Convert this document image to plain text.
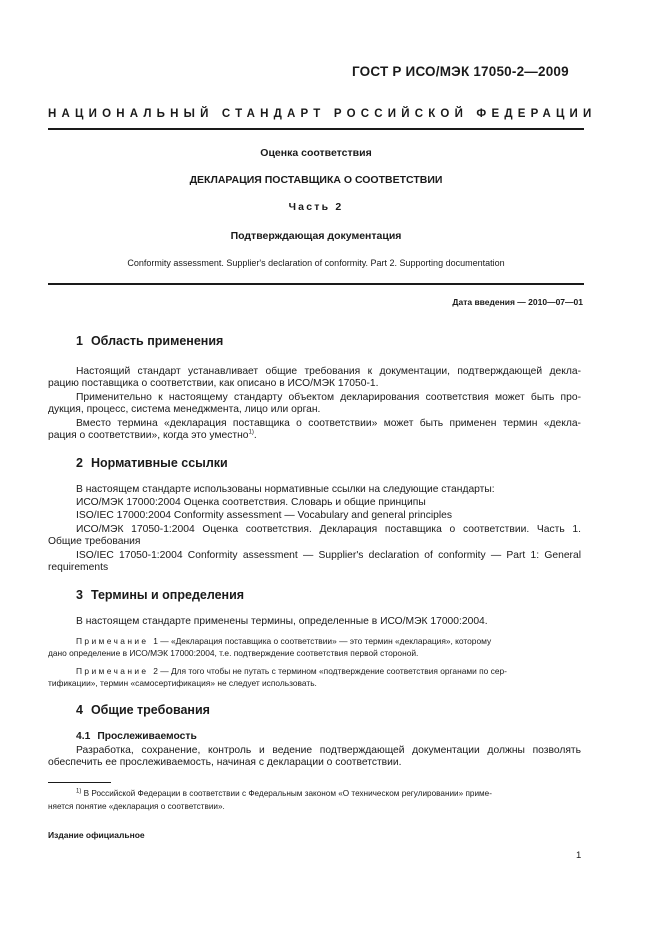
ГОСТ Р ИСО/МЭК 17050-2—2009
НАЦИОНАЛЬНЫЙ СТАНДАРТ РОССИЙСКОЙ ФЕДЕРАЦИИ
Оценка соответствия
ДЕКЛАРАЦИЯ ПОСТАВЩИКА О СООТВЕТСТВИИ
Часть 2
Подтверждающая документация
Conformity assessment. Supplier's declaration of conformity. Part 2. Supporting documentation
Дата введения — 2010—07—01
1 Область применения
Настоящий стандарт устанавливает общие требования к документации, подтверждающей декла-
рацию поставщика о соответствии, как описано в ИСО/МЭК 17050-1.
Применительно к настоящему стандарту объектом декларирования соответствия может быть про-
дукция, процесс, система менеджмента, лицо или орган.
Вместо термина «декларация поставщика о соответствии» может быть применен термин «декла-
рация о соответствии», когда это уместно$^{1)}$.
2 Нормативные ссылки
В настоящем стандарте использованы нормативные ссылки на следующие стандарты:
ИСО/МЭК 17000:2004 Оценка соответствия. Словарь и общие принципы
ISO/IEC 17000:2004 Conformity assessment — Vocabulary and general principles
ИСО/МЭК 17050-1:2004 Оценка соответствия. Декларация поставщика о соответствии. Часть 1.
Общие требования
ISO/IEC 17050-1:2004 Conformity assessment — Supplier's declaration of conformity — Part 1: General
requirements
3 Термины и определения
В настоящем стандарте применены термины, определенные в ИСО/МЭК 17000:2004.
Примечание 1— «Декларация поставщика о соответствии» — это термин «декларация», которому
дано определение в ИСО/МЭК 17000:2004, т.е. подтверждение соответствия первой стороной.
Примечание 2— Для того чтобы не путать с термином «подтверждение соответствия органами по сер-
тификации», термин «самосертификация» не следует использовать.
4 Общие требования
4.1 Прослеживаемость
Разработка, сохранение, контроль и ведение подтверждающей документации должны позволять
обеспечить ее прослеживаемость, начиная с декларации о соответствии.
$^{1)}$ В Российской Федерации в соответствии с Федеральным законом «О техническом регулировании» приме-
няется понятие «декларация о соответствии».
Издание официальное
1
